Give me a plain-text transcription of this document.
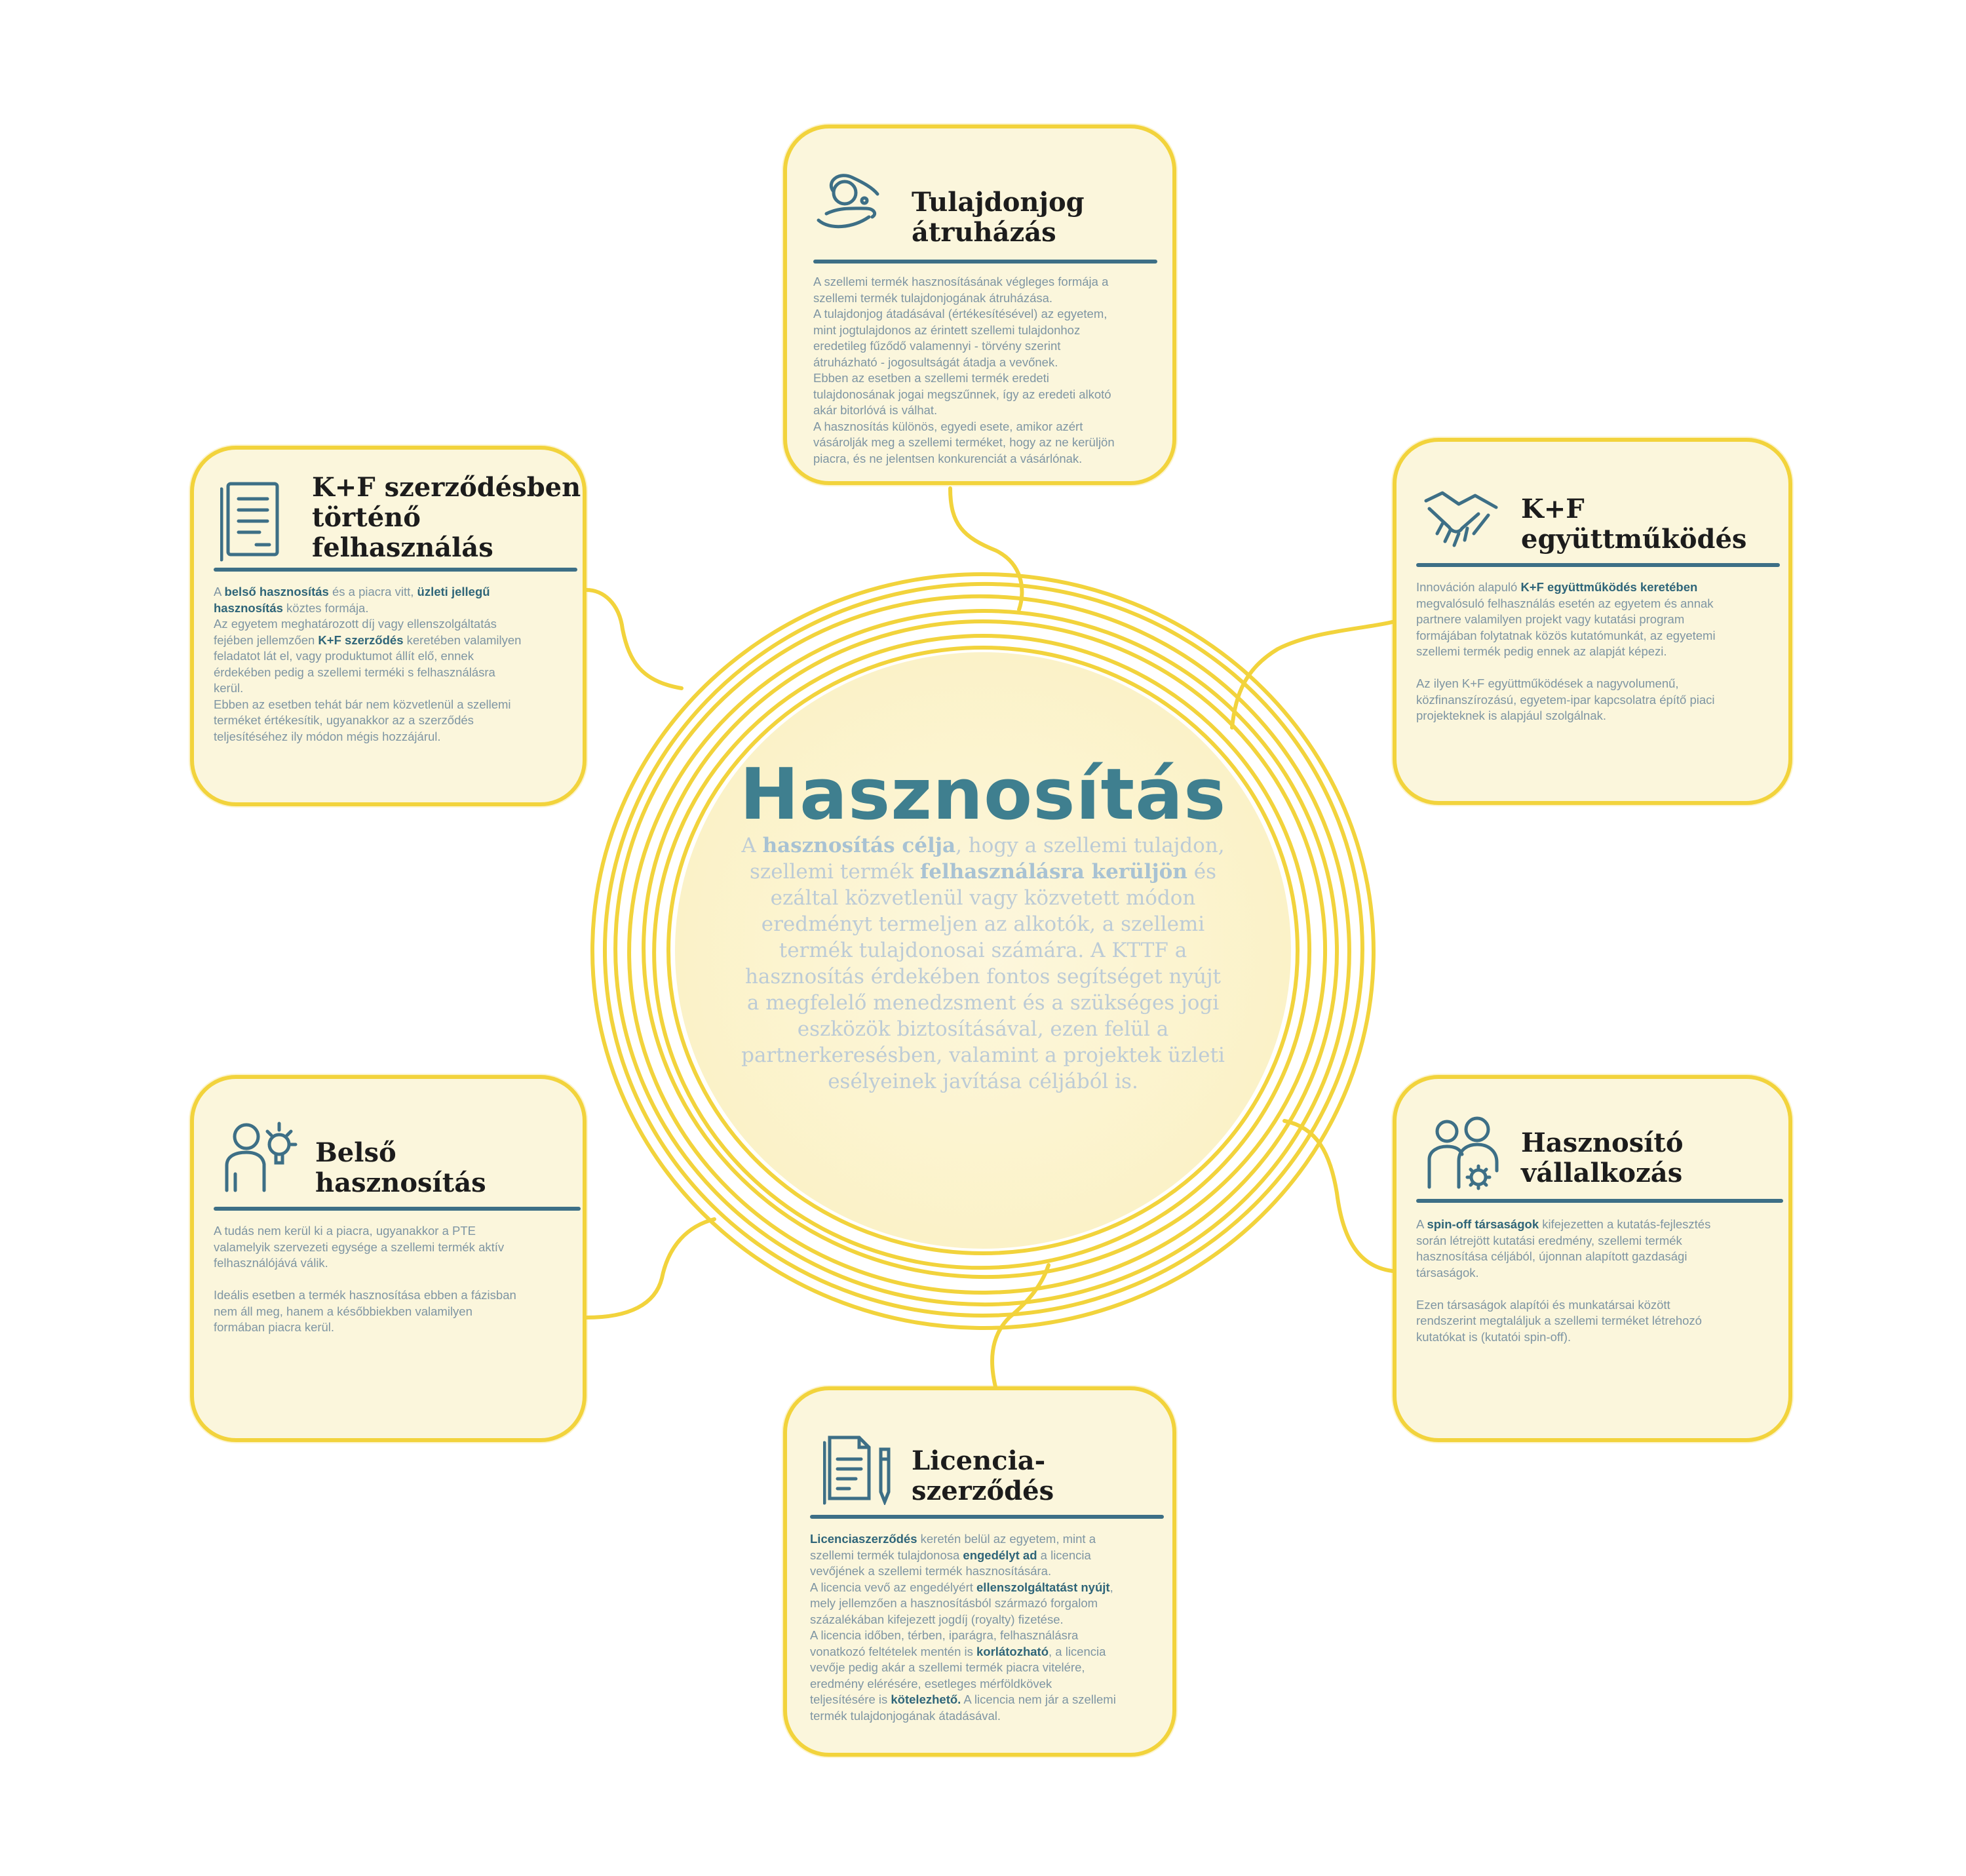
Hasznosítás
A hasznosítás célja, hogy a szellemi tulajdon, szellemi termék felhasználásra kerüljön és ezáltal közvetlenül vagy közvetett módon eredményt termeljen az alkotók, a szellemi termék tulajdonosai számára. A KTTF a hasznosítás érdekében fontos segítséget nyújt a megfelelő menedzsment és a szükséges jogi eszközök biztosításával, ezen felül a partnerkeresésben, valamint a projektek üzleti esélyeinek javítása céljából is.
Tulajdonjog
átruházás
A szellemi termék hasznosításának végleges formája a
szellemi termék tulajdonjogának átruházása.
A tulajdonjog átadásával (értékesítésével) az egyetem,
mint jogtulajdonos az érintett szellemi tulajdonhoz
eredetileg fűződő valamennyi - törvény szerint
átruházható - jogosultságát átadja a vevőnek.
Ebben az esetben a szellemi termék eredeti
tulajdonosának jogai megszűnnek, így az eredeti alkotó
akár bitorlóvá is válhat.
A hasznosítás különös, egyedi esete, amikor azért
vásárolják meg a szellemi terméket, hogy az ne kerüljön
piacra, és ne jelentsen konkurenciát a vásárlónak.
K+F szerződésben
történő
felhasználás
A belső hasznosítás és a piacra vitt, üzleti jellegű
hasznosítás köztes formája.
Az egyetem meghatározott díj vagy ellenszolgáltatás
fejében jellemzően K+F szerződés keretében valamilyen
feladatot lát el, vagy produktumot állít elő, ennek
érdekében pedig a szellemi terméki s felhasználásra
kerül.
Ebben az esetben tehát bár nem közvetlenül a szellemi
terméket értékesítik, ugyanakkor az a szerződés
teljesítéséhez ily módon mégis hozzájárul.
K+F
együttműködés
Innováción alapuló K+F együttműködés keretében
megvalósuló felhasználás esetén az egyetem és annak
partnere valamilyen projekt vagy kutatási program
formájában folytatnak közös kutatómunkát, az egyetemi
szellemi termék pedig ennek az alapját képezi.

Az ilyen K+F együttműködések a nagyvolumenű,
közfinanszírozású, egyetem-ipar kapcsolatra építő piaci
projekteknek is alapjául szolgálnak.
Belső
hasznosítás
A tudás nem kerül ki a piacra, ugyanakkor a PTE
valamelyik szervezeti egysége a szellemi termék aktív
felhasználójává válik.

Ideális esetben a termék hasznosítása ebben a fázisban
nem áll meg, hanem a későbbiekben valamilyen
formában piacra kerül.
Hasznosító
vállalkozás
A spin-off társaságok kifejezetten a kutatás-fejlesztés
során létrejött kutatási eredmény, szellemi termék
hasznosítása céljából, újonnan alapított gazdasági
társaságok.

Ezen társaságok alapítói és munkatársai között
rendszerint megtaláljuk a szellemi terméket létrehozó
kutatókat is (kutatói spin-off).
Licencia-
szerződés
Licenciaszerződés keretén belül az egyetem, mint a
szellemi termék tulajdonosa engedélyt ad a licencia
vevőjének a szellemi termék hasznosítására.
A licencia vevő az engedélyért ellenszolgáltatást nyújt,
mely jellemzően a hasznosításból származó forgalom
százalékában kifejezett jogdíj (royalty) fizetése.
A licencia időben, térben, iparágra, felhasználásra
vonatkozó feltételek mentén is korlátozható, a licencia
vevője pedig akár a szellemi termék piacra vitelére,
eredmény elérésére, esetleges mérföldkövek
teljesítésére is kötelezhető. A licencia nem jár a szellemi
termék tulajdonjogának átadásával.
